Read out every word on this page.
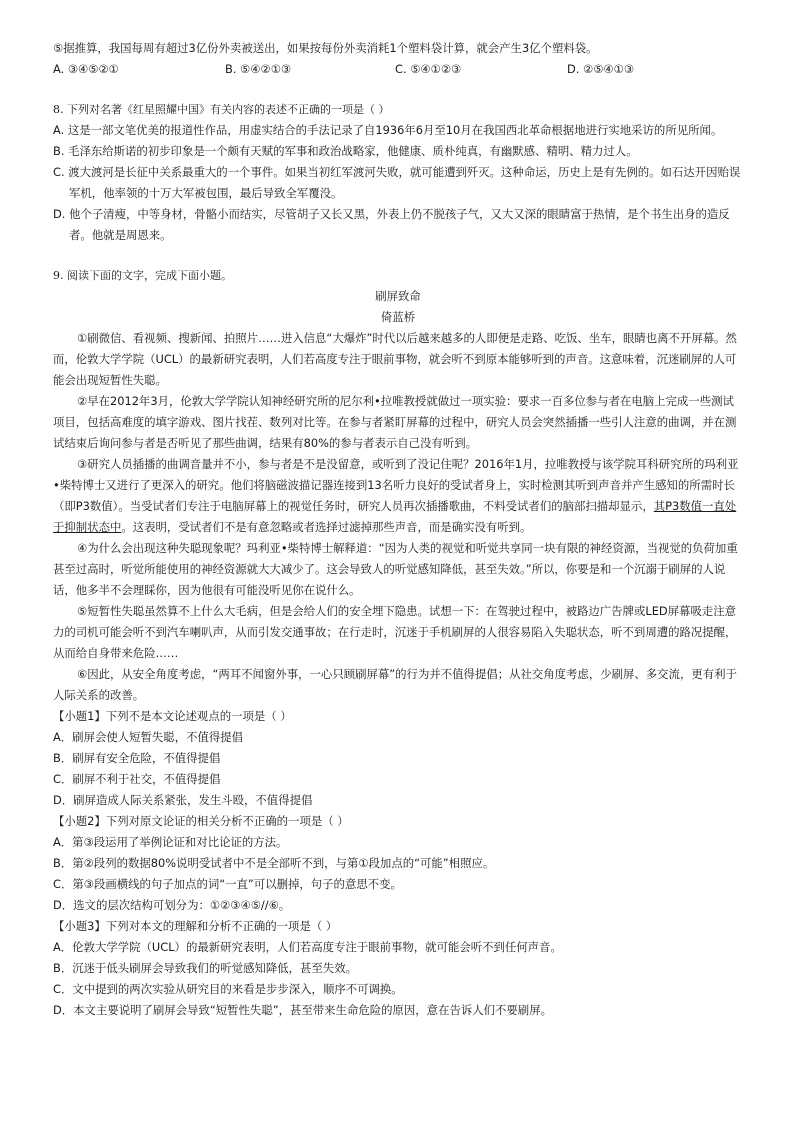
⑤据推算，我国每周有超过3亿份外卖被送出，如果按每份外卖消耗1个塑料袋计算，就会产生3亿个塑料袋。
A. ③④⑤②①	B. ⑤④②①③	C. ⑤④①②③	D. ②⑤④①③
8. 下列对名著《红星照耀中国》有关内容的表述不正确的一项是（ ）
A. 这是一部文笔优美的报道性作品，用虚实结合的手法记录了自1936年6月至10月在我国西北革命根据地进行实地采访的所见所闻。
B. 毛泽东给斯诺的初步印象是一个颇有天赋的军事和政治战略家，他健康、质朴纯真，有幽默感、精明、精力过人。
C. 渡大渡河是长征中关系最重大的一个事件。如果当初红军渡河失败，就可能遭到歼灭。这种命运，历史上是有先例的。如石达开因贻误军机，他率领的十万大军被包围，最后导致全军覆没。
D. 他个子清瘦，中等身材，骨骼小而结实，尽管胡子又长又黑，外表上仍不脱孩子气，又大又深的眼睛富于热情，是个书生出身的造反者。他就是周恩来。
9. 阅读下面的文字，完成下面小题。
刷屏致命
倚蓝桥
①刷微信、看视频、搜新闻、拍照片……进入信息“大爆炸”时代以后越来越多的人即便是走路、吃饭、坐车，眼睛也离不开屏幕。然而，伦敦大学学院（UCL）的最新研究表明，人们若高度专注于眼前事物，就会听不到原本能够听到的声音。这意味着，沉迷刷屏的人可能会出现短暂性失聪。
②早在2012年3月，伦敦大学学院认知神经研究所的尼尔利•拉唯教授就做过一项实验：要求一百多位参与者在电脑上完成一些测试项目，包括高难度的填字游戏、图片找茬、数列对比等。在参与者紧盯屏幕的过程中，研究人员会突然插播一些引人注意的曲调，并在测试结束后询问参与者是否听见了那些曲调，结果有80%的参与者表示自己没有听到。
③研究人员插播的曲调音量并不小，参与者是不是没留意，或听到了没记住呢？2016年1月，拉唯教授与该学院耳科研究所的玛利亚•柴特博士又进行了更深入的研究。他们将脑磁波描记器连接到13名听力良好的受试者身上，实时检测其听到声音并产生感知的所需时长（即P3数值）。当受试者们专注于电脑屏幕上的视觉任务时，研究人员再次插播歌曲，不料受试者们的脑部扫描却显示，其P3数值一直处于抑制状态中。这表明，受试者们不是有意忽略或者选择过滤掉那些声音，而是确实没有听到。
④为什么会出现这种失聪现象呢？玛利亚•柴特博士解释道：“因为人类的视觉和听觉共享同一块有限的神经资源，当视觉的负荷加重甚至过高时，听觉所能使用的神经资源就大大减少了。这会导致人的听觉感知降低，甚至失效。”所以，你要是和一个沉溺于刷屏的人说话，他多半不会理睬你，因为他很有可能没听见你在说什么。
⑤短暂性失聪虽然算不上什么大毛病，但是会给人们的安全埋下隐患。试想一下：在驾驶过程中，被路边广告牌或LED屏幕吸走注意力的司机可能会听不到汽车喇叭声，从而引发交通事故；在行走时，沉迷于手机刷屏的人很容易陷入失聪状态，听不到周遭的路况提醒，从而给自身带来危险……
⑥因此，从安全角度考虑，“两耳不闻窗外事，一心只顾刷屏幕”的行为并不值得提倡；从社交角度考虑，少刷屏、多交流，更有利于人际关系的改善。
【小题1】下列不是本文论述观点的一项是（ ）
A．刷屏会使人短暂失聪，不值得提倡
B．刷屏有安全危险，不值得提倡
C．刷屏不利于社交，不值得提倡
D．刷屏造成人际关系紧张，发生斗殴，不值得提倡
【小题2】下列对原文论证的相关分析不正确的一项是（ ）
A．第③段运用了举例论证和对比论证的方法。
B．第②段列的数据80%说明受试者中不是全部听不到，与第①段加点的“可能”相照应。
C．第③段画横线的句子加点的词“一直”可以删掉，句子的意思不变。
D．选文的层次结构可划分为：①②③④⑤//⑥。
【小题3】下列对本文的理解和分析不正确的一项是（ ）
A．伦敦大学学院（UCL）的最新研究表明，人们若高度专注于眼前事物，就可能会听不到任何声音。
B．沉迷于低头刷屏会导致我们的听觉感知降低，甚至失效。
C．文中提到的两次实验从研究目的来看是步步深入，顺序不可调换。
D．本文主要说明了刷屏会导致“短暂性失聪”，甚至带来生命危险的原因，意在告诉人们不要刷屏。
